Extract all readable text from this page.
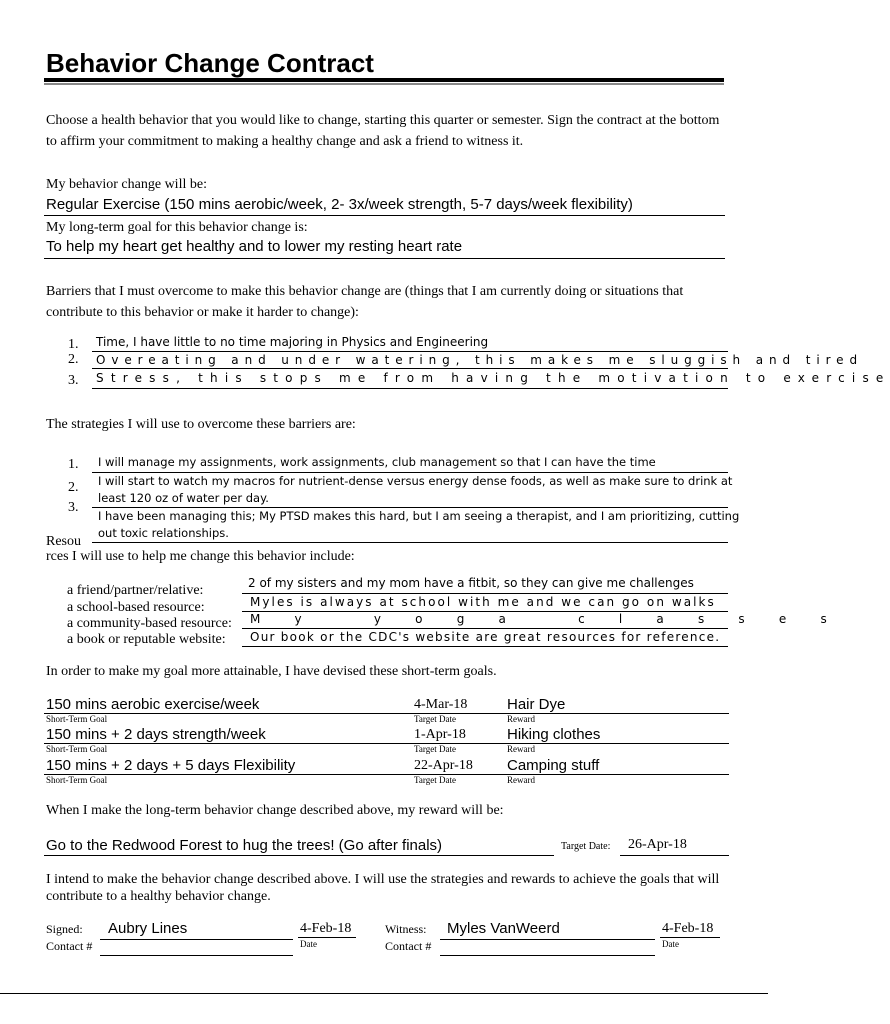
Behavior Change Contract
Choose a health behavior that you would like to change, starting this quarter or semester. Sign the contract at the bottom
to affirm your commitment to making a healthy change and ask a friend to witness it.
My behavior change will be:
Regular Exercise (150 mins aerobic/week, 2- 3x/week strength, 5-7 days/week flexibility)
My long-term goal for this behavior change is:
To help my heart get healthy and to lower my resting heart rate
Barriers that I must overcome to make this behavior change are (things that I am currently doing or situations that
contribute to this behavior or make it harder to change):
1. Time, I have little to no time majoring in Physics and Engineering
2. Overeating and under watering, this makes me sluggish and tired
3. Stress, this stops me from having the motivation to exercise
The strategies I will use to overcome these barriers are:
1. I will manage my assignments, work assignments, club management so that I can have the time
2. I will start to watch my macros for nutrient-dense versus energy dense foods, as well as make sure to drink at
least 120 oz of water per day.
3.
I have been managing this; My PTSD makes this hard, but I am seeing a therapist, and I am prioritizing, cutting
out toxic relationships.
Resou
rces I will use to help me change this behavior include:
a friend/partner/relative:	2 of my sisters and my mom have a fitbit, so they can give me challenges
a school-based resource:	Myles is always at school with me and we can go on walks
a community-based resource: My yoga classes
a book or reputable website: Our book or the CDC's website are great resources for reference.
In order to make my goal more attainable, I have devised these short-term goals.
150 mins aerobic exercise/week	4-Mar-18	Hair Dye
Short-Term Goal	Target Date	Reward
150 mins + 2 days strength/week	1-Apr-18	Hiking clothes
Short-Term Goal	Target Date	Reward
150 mins + 2 days + 5 days Flexibility	22-Apr-18 Camping stuff
Short-Term Goal	Target Date	Reward
When I make the long-term behavior change described above, my reward will be:
Go to the Redwood Forest to hug the trees! (Go after finals)	Target Date: 26-Apr-18
I intend to make the behavior change described above. I will use the strategies and rewards to achieve the goals that will
contribute to a healthy behavior change.
Signed: Aubry Lines
Contact #
4-Feb-18
Date
Witness: Myles VanWeerd
Contact #
4-Feb-18
Date
